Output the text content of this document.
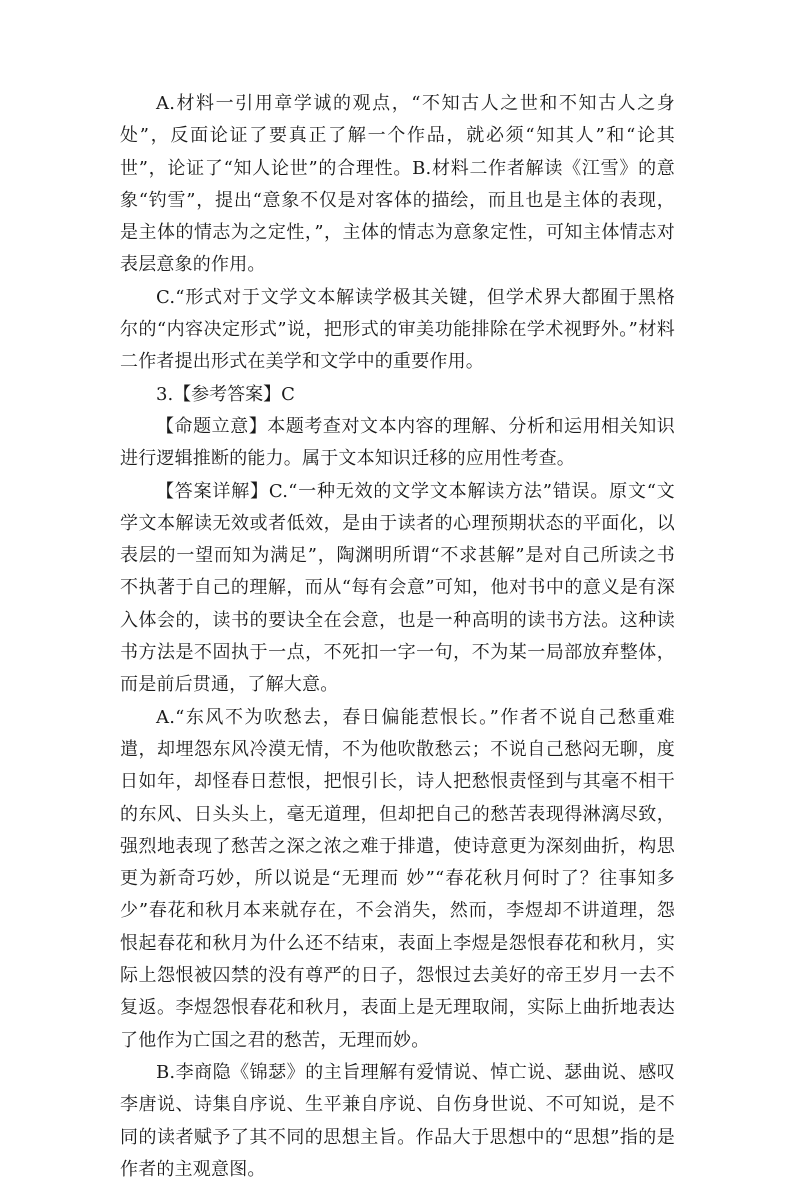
A.材料一引用章学诚的观点，“不知古人之世和不知古人之身处”，反面论证了要真正了解一个作品，就必须“知其人”和“论其世”，论证了“知人论世”的合理性。B.材料二作者解读《江雪》的意象“钓雪”，提出“意象不仅是对客体的描绘，而且也是主体的表现，是主体的情志为之定性，”，主体的情志为意象定性，可知主体情志对表层意象的作用。

C.“形式对于文学文本解读学极其关键，但学术界大都囿于黑格尔的“内容决定形式”说，把形式的审美功能排除在学术视野外。”材料二作者提出形式在美学和文学中的重要作用。

3.【参考答案】C

【命题立意】本题考查对文本内容的理解、分析和运用相关知识进行逻辑推断的能力。属于文本知识迁移的应用性考查。

【答案详解】C.“一种无效的文学文本解读方法”错误。原文“文学文本解读无效或者低效，是由于读者的心理预期状态的平面化，以表层的一望而知为满足”，陶渊明所谓“不求甚解”是对自己所读之书不执著于自己的理解，而从“每有会意”可知，他对书中的意义是有深入体会的，读书的要诀全在会意，也是一种高明的读书方法。这种读书方法是不固执于一点，不死扣一字一句，不为某一局部放弃整体，而是前后贯通，了解大意。

A.“东风不为吹愁去，春日偏能惹恨长。”作者不说自己愁重难遣，却埋怨东风冷漠无情，不为他吹散愁云；不说自己愁闷无聊，度日如年，却怪春日惹恨，把恨引长，诗人把愁恨责怪到与其毫不相干的东风、日头头上，毫无道理，但却把自己的愁苦表现得淋漓尽致，强烈地表现了愁苦之深之浓之难于排遣，使诗意更为深刻曲折，构思更为新奇巧妙，所以说是“无理而 妙”“春花秋月何时了？往事知多少”春花和秋月本来就存在，不会消失，然而，李煜却不讲道理，怨恨起春花和秋月为什么还不结束，表面上李煜是怨恨春花和秋月，实际上怨恨被囚禁的没有尊严的日子，怨恨过去美好的帝王岁月一去不复返。李煜怨恨春花和秋月，表面上是无理取闹，实际上曲折地表达了他作为亡国之君的愁苦，无理而妙。

B.李商隐《锦瑟》的主旨理解有爱情说、悼亡说、瑟曲说、感叹李唐说、诗集自序说、生平兼自序说、自伤身世说、不可知说，是不同的读者赋予了其不同的思想主旨。作品大于思想中的“思想”指的是作者的主观意图。
